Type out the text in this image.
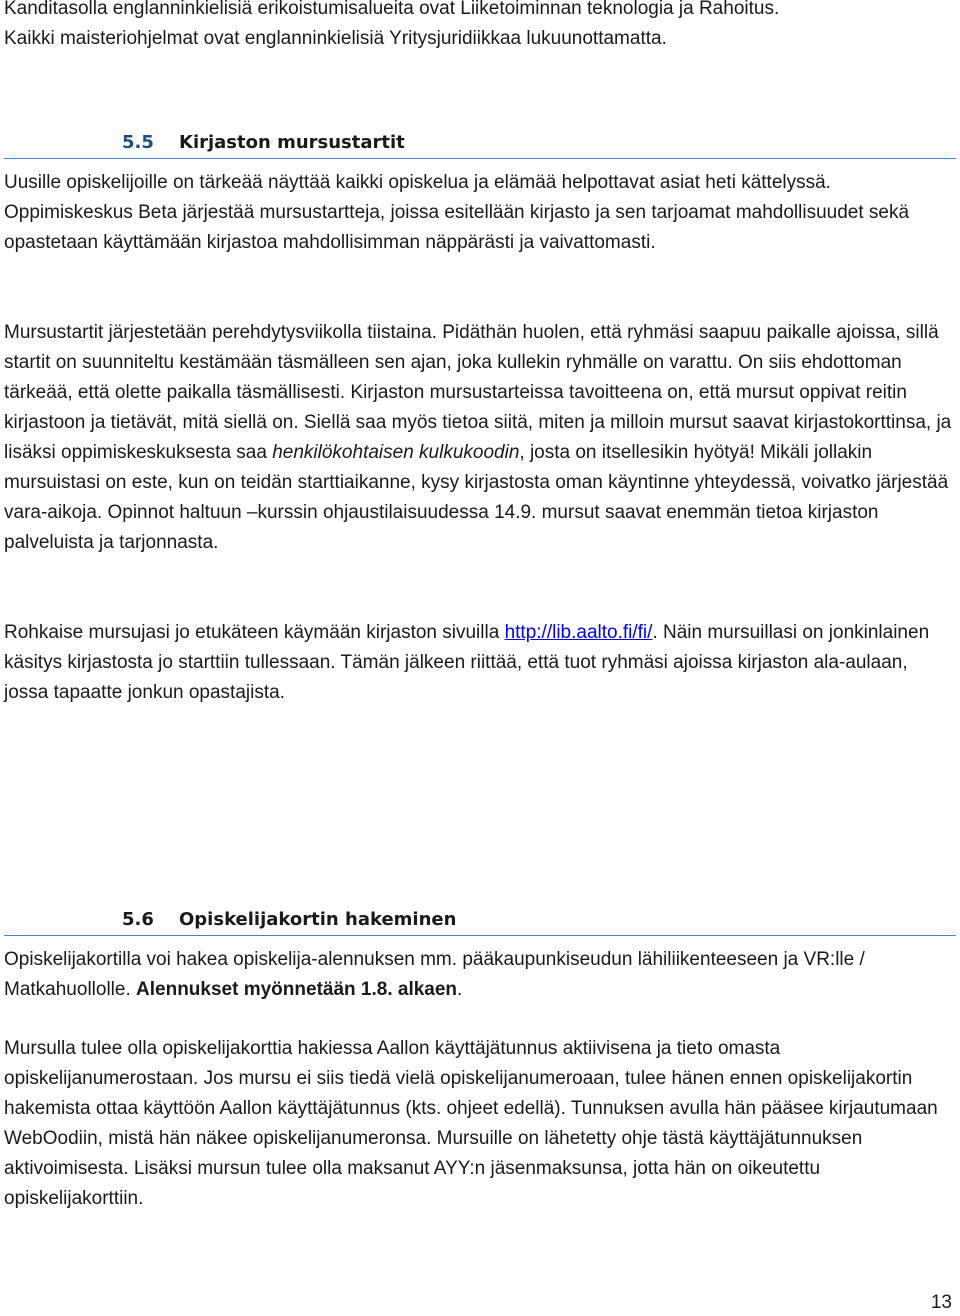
Kanditasolla englanninkielisiä erikoistumisalueita ovat Liiketoiminnan teknologia ja Rahoitus.
Kaikki maisteriohjelmat ovat englanninkielisiä Yritysjuridiikkaa lukuunottamatta.

5.5 Kirjaston mursustartit

Uusille opiskelijoille on tärkeää näyttää kaikki opiskelua ja elämää helpottavat asiat heti kättelyssä. Oppimiskeskus Beta järjestää mursustartteja, joissa esitellään kirjasto ja sen tarjoamat mahdollisuudet sekä opastetaan käyttämään kirjastoa mahdollisimman näppärästi ja vaivattomasti.

Mursustartit järjestetään perehdytysviikolla tiistaina. Pidäthän huolen, että ryhmäsi saapuu paikalle ajoissa, sillä startit on suunniteltu kestämään täsmälleen sen ajan, joka kullekin ryhmälle on varattu. On siis ehdottoman tärkeää, että olette paikalla täsmällisesti. Kirjaston mursustarteissa tavoitteena on, että mursut oppivat reitin kirjastoon ja tietävät, mitä siellä on. Siellä saa myös tietoa siitä, miten ja milloin mursut saavat kirjastokorttinsa, ja lisäksi oppimiskeskuksesta saa henkilökohtaisen kulkukoodin, josta on itsellesikin hyötyä! Mikäli jollakin mursuistasi on este, kun on teidän starttiaikanne, kysy kirjastosta oman käyntinne yhteydessä, voivatko järjestää vara-aikoja. Opinnot haltuun –kurssin ohjaustilaisuudessa 14.9. mursut saavat enemmän tietoa kirjaston palveluista ja tarjonnasta.

Rohkaise mursujasi jo etukäteen käymään kirjaston sivuilla http://lib.aalto.fi/fi/. Näin mursuillasi on jonkinlainen käsitys kirjastosta jo starttiin tullessaan. Tämän jälkeen riittää, että tuot ryhmäsi ajoissa kirjaston ala-aulaan, jossa tapaatte jonkun opastajista.

5.6 Opiskelijakortin hakeminen

Opiskelijakortilla voi hakea opiskelija-alennuksen mm. pääkaupunkiseudun lähiliikenteeseen ja VR:lle / Matkahuollolle. Alennukset myönnetään 1.8. alkaen.

Mursulla tulee olla opiskelijakorttia hakiessa Aallon käyttäjätunnus aktiivisena ja tieto omasta opiskelijanumerostaan. Jos mursu ei siis tiedä vielä opiskelijanumeroaan, tulee hänen ennen opiskelijakortin hakemista ottaa käyttöön Aallon käyttäjätunnus (kts. ohjeet edellä). Tunnuksen avulla hän pääsee kirjautumaan WebOodiin, mistä hän näkee opiskelijanumeronsa. Mursuille on lähetetty ohje tästä käyttäjätunnuksen aktivoimisesta. Lisäksi mursun tulee olla maksanut AYY:n jäsenmaksunsa, jotta hän on oikeutettu opiskelijakorttiin.

13
